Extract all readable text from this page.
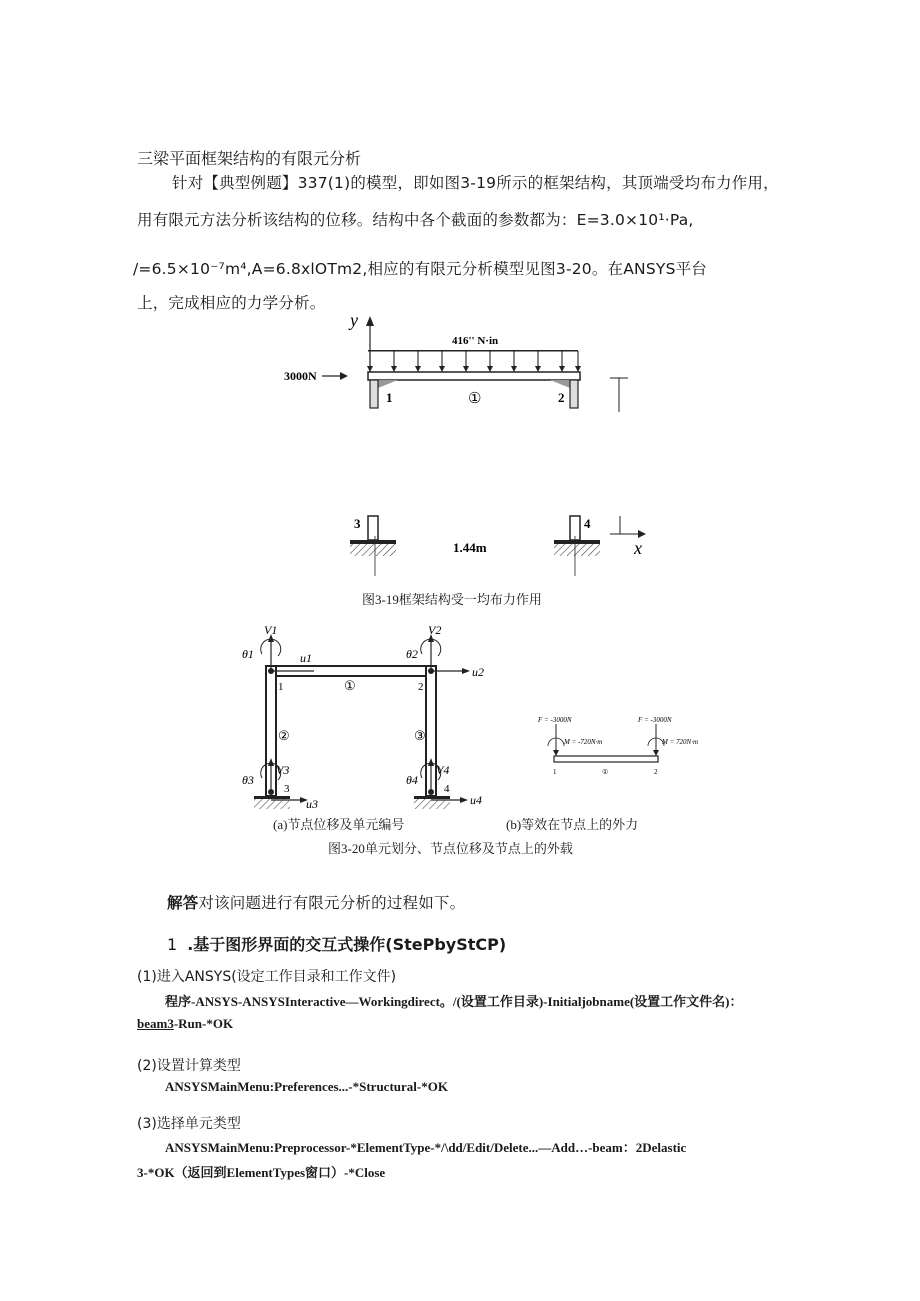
三梁平面框架结构的有限元分析
针对【典型例题】337(1)的模型，即如图3-19所示的框架结构，其顶端受均布力作用，
用有限元方法分析该结构的位移。结构中各个截面的参数都为：E=3.0×10¹·Pa,
/=6.5×10⁻⁷m⁴,A=6.8xlOTm2,相应的有限元分析模型见图3-20。在ANSYS平台
上，完成相应的力学分析。
y
416'' N·in
3000N
1	2
①
3	4
1.44m	x
图3-19框架结构受一均布力作用
V1	V2
V3	V4
u1
u2
u3	u4
θ1	θ2
θ3	θ4
1	2
3	4
①
②	③
F = -3000N	F = -3000N
M = -720N·m	M = 720N·m
1	①	2
(a)节点位移及单元编号	(b)等效在节点上的外力
图3-20单元划分、节点位移及节点上的外载
解答对该问题进行有限元分析的过程如下。
1 .基于图形界面的交互式操作(StePbyStCP)
(1)进入ANSYS(设定工作目录和工作文件)
程序-ANSYS-ANSYSInteractive—Workingdirect。/(设置工作目录)-Initialjobname(设置工作文件名)：
beam3-Run-*OK
(2)设置计算类型
ANSYSMainMenu:Preferences...-*Structural-*OK
(3)选择单元类型
ANSYSMainMenu:Preprocessor-*ElementType-*/\dd/Edit/Delete...—Add…-beam：2Delastic
3-*OK（返回到ElementTypes窗口）-*Close
